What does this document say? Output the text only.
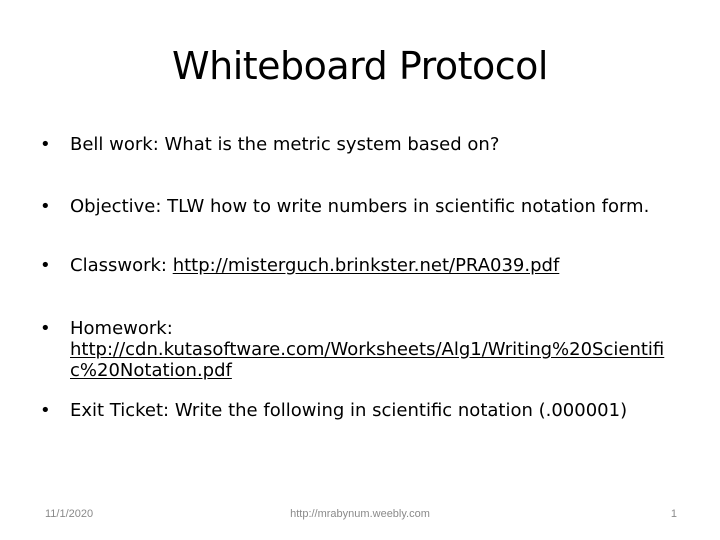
Whiteboard Protocol
•	Bell work: What is the metric system based on?
•	Objective: TLW how to write numbers in scientific notation form.
•	Classwork: http://misterguch.brinkster.net/PRA039.pdf
•	Homework:
http://cdn.kutasoftware.com/Worksheets/Alg1/Writing%20Scientific%20Notation.pdf
•	Exit Ticket: Write the following in scientific notation (.000001)
11/1/2020	http://mrabynum.weebly.com	1
